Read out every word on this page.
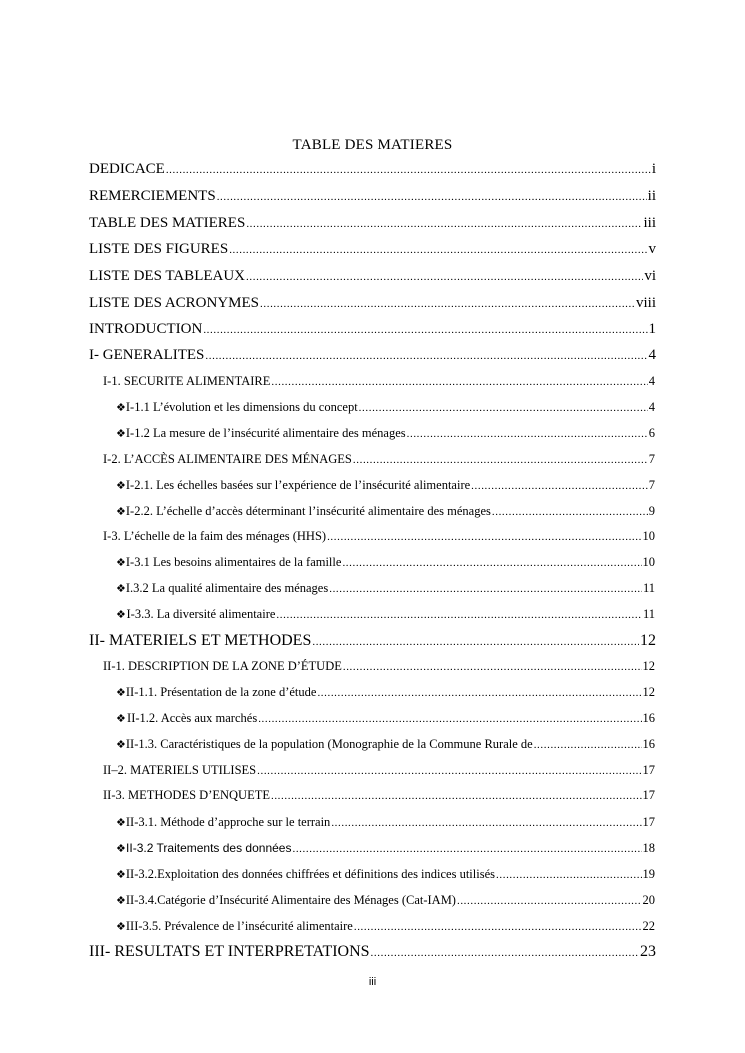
TABLE DES MATIERES
DEDICACE .....	i
REMERCIEMENTS .....	ii
TABLE DES MATIERES .....	iii
LISTE DES FIGURES .....	v
LISTE DES TABLEAUX .....	vi
LISTE DES ACRONYMES .....	viii
INTRODUCTION .....	1
I- GENERALITES .....	4
I-1. SECURITE ALIMENTAIRE .....	4
❖ I-1.1 L’évolution et les dimensions du concept .....	4
❖ I-1.2 La mesure de l’insécurité alimentaire des ménages .....	6
I-2. L’ACCÈS ALIMENTAIRE DES MÉNAGES .....	7
❖ I-2.1. Les échelles basées sur l’expérience de l’insécurité alimentaire .....	7
❖ I-2.2. L’échelle d’accès déterminant l’insécurité alimentaire des ménages .....	9
I-3. L’échelle de la faim des ménages (HHS) .....	10
❖ I-3.1 Les besoins alimentaires de la famille .....	10
❖ I.3.2 La qualité alimentaire des ménages .....	11
❖ I-3.3. La diversité alimentaire .....	11
II- MATERIELS ET METHODES .....	12
II-1. DESCRIPTION DE LA ZONE D’ÉTUDE .....	12
❖ II-1.1. Présentation de la zone d’étude .....	12
❖ II-1.2. Accès aux marchés .....	16
❖ II-1.3. Caractéristiques de la population (Monographie de la Commune Rurale de .....	16
II–2. MATERIELS UTILISES .....	17
II-3. METHODES D’ENQUETE .....	17
❖ II-3.1. Méthode d’approche sur le terrain .....	17
❖ II-3.2 Traitements des données .....	18
❖ II-3.2.Exploitation des données chiffrées et définitions des indices utilisés .....	19
❖ II-3.4.Catégorie d’Insécurité Alimentaire des Ménages (Cat-IAM) .....	20
❖ III-3.5. Prévalence de l’insécurité alimentaire .....	22
III- RESULTATS ET INTERPRETATIONS .....	23
iii
